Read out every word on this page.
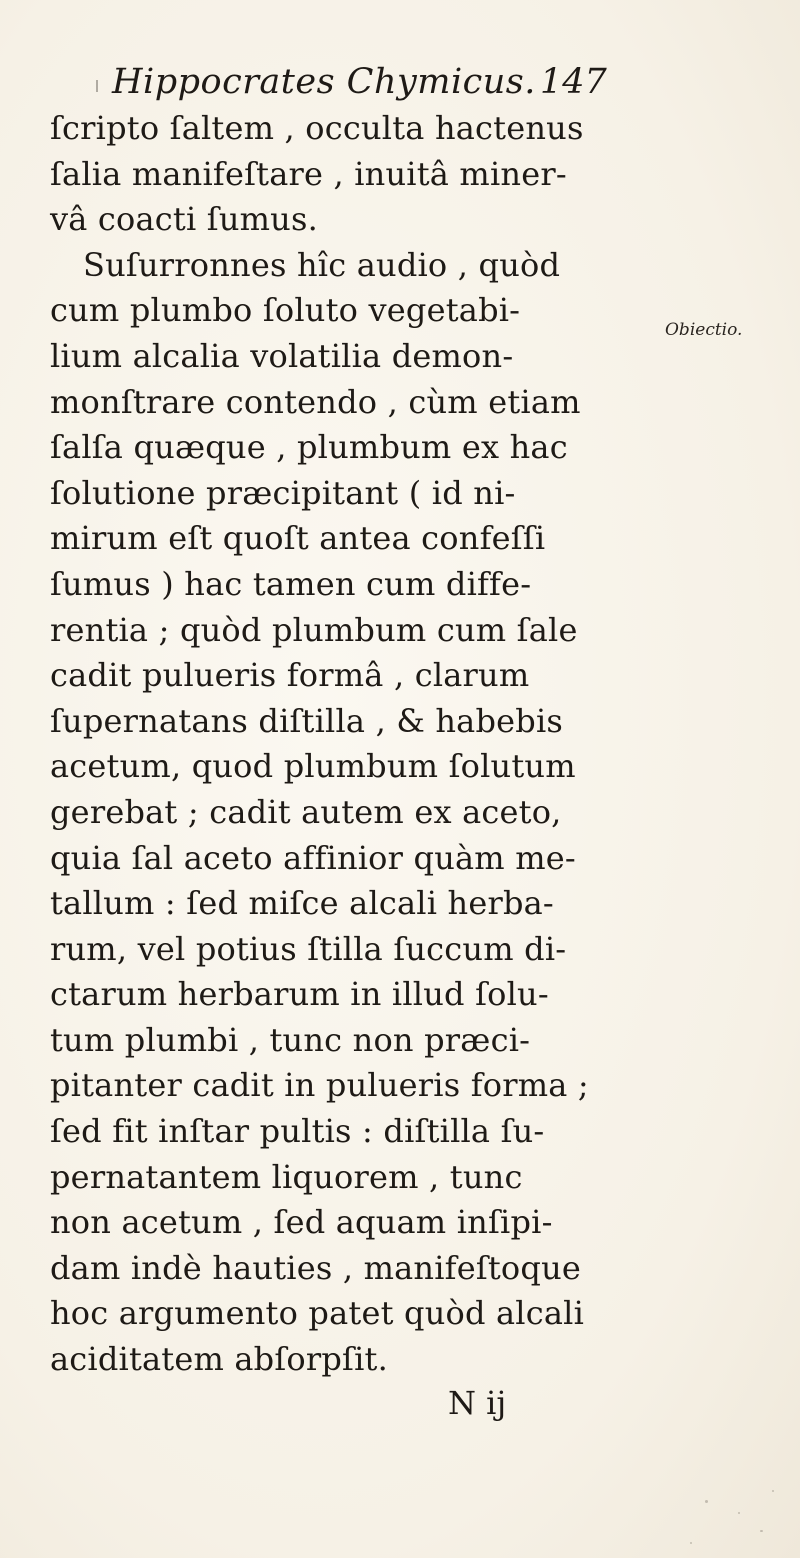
Hippocrates Chymicus. 147
ſcripto ſaltem , occulta hactenus
ſalia manifeſtare , inuitâ miner-
vâ coacti ſumus.
Suſurronnes hîc audio , quòd
cum plumbo ſoluto vegetabi-
lium alcalia volatilia demon-
monſtrare contendo , cùm etiam
ſalſa quæque , plumbum ex hac
ſolutione præcipitant ( id ni-
mirum eſt quoſt antea confeſſi
ſumus ) hac tamen cum diffe-
rentia ; quòd plumbum cum ſale
cadit pulueris formâ , clarum
ſupernatans diſtilla , & habebis
acetum, quod plumbum ſolutum
gerebat ; cadit autem ex aceto,
quia ſal aceto affinior quàm me-
tallum : ſed miſce alcali herba-
rum, vel potius ſtilla ſuccum di-
ctarum herbarum in illud ſolu-
tum plumbi , tunc non præci-
pitanter cadit in pulueris forma ;
ſed fit inſtar pultis : diſtilla ſu-
pernatantem liquorem , tunc
non acetum , ſed aquam inſipi-
dam indè hauties , manifeſtoque
hoc argumento patet quòd alcali
aciditatem abſorpſit.
Obiectio.
N ij
